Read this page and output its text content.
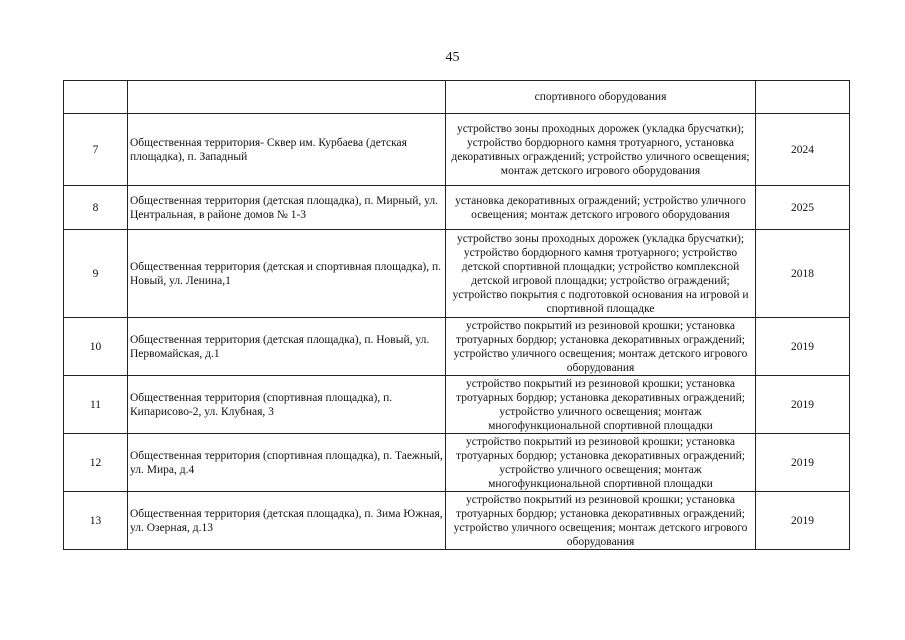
45
		спортивного оборудования	
7	Общественная территория- Сквер им. Курбаева (детская площадка), п. Западный	устройство зоны проходных дорожек (укладка брусчатки); устройство бордюрного камня тротуарного, установка декоративных ограждений; устройство уличного освещения; монтаж детского игрового оборудования	2024
8	Общественная территория (детская площадка), п. Мирный, ул. Центральная, в районе домов № 1-3	установка декоративных ограждений; устройство уличного освещения; монтаж детского игрового оборудования	2025
9	Общественная территория (детская и спортивная площадка), п. Новый, ул. Ленина,1	устройство зоны проходных дорожек (укладка брусчатки); устройство бордюрного камня тротуарного; устройство детской спортивной площадки; устройство комплексной детской игровой площадки; устройство ограждений; устройство покрытия с подготовкой основания на игровой и спортивной площадке	2018
10	Общественная территория (детская площадка), п. Новый, ул. Первомайская, д.1	устройство покрытий из резиновой крошки; установка тротуарных бордюр; установка декоративных ограждений; устройство уличного освещения; монтаж детского игрового оборудования	2019
11	Общественная территория (спортивная площадка), п. Кипарисово-2, ул. Клубная, 3	устройство покрытий из резиновой крошки; установка тротуарных бордюр; установка декоративных ограждений; устройство уличного освещения; монтаж многофункциональной спортивной площадки	2019
12	Общественная территория (спортивная площадка), п. Таежный, ул. Мира, д.4	устройство покрытий из резиновой крошки; установка тротуарных бордюр; установка декоративных ограждений; устройство уличного освещения; монтаж многофункциональной спортивной площадки	2019
13	Общественная территория (детская площадка), п. Зима Южная, ул. Озерная, д.13	устройство покрытий из резиновой крошки; установка тротуарных бордюр; установка декоративных ограждений; устройство уличного освещения; монтаж детского игрового оборудования	2019
